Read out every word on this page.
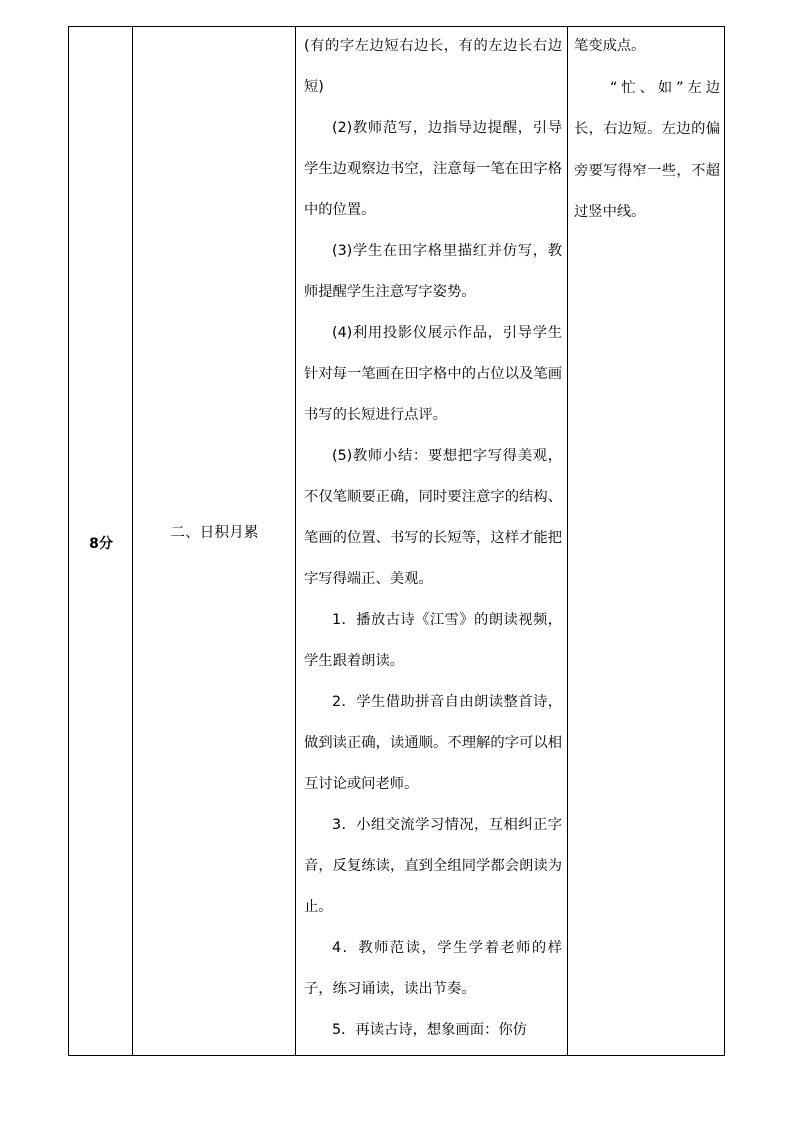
8分
二、日积月累

(有的字左边短右边长，有的左边长右边短)

(2)教师范写，边指导边提醒，引导学生边观察边书空，注意每一笔在田字格中的位置。

(3)学生在田字格里描红并仿写，教师提醒学生注意写字姿势。

(4)利用投影仪展示作品，引导学生针对每一笔画在田字格中的占位以及笔画书写的长短进行点评。

(5)教师小结：要想把字写得美观，不仅笔顺要正确，同时要注意字的结构、笔画的位置、书写的长短等，这样才能把字写得端正、美观。

1．播放古诗《江雪》的朗读视频，学生跟着朗读。

2．学生借助拼音自由朗读整首诗，做到读正确，读通顺。不理解的字可以相互讨论或问老师。

3．小组交流学习情况，互相纠正字音，反复练读，直到全组同学都会朗读为止。

4．教师范读，学生学着老师的样子，练习诵读，读出节奏。

5．再读古诗，想象画面：你仿

笔变成点。

“忙、如”左边长，右边短。左边的偏旁要写得窄一些，不超过竖中线。
